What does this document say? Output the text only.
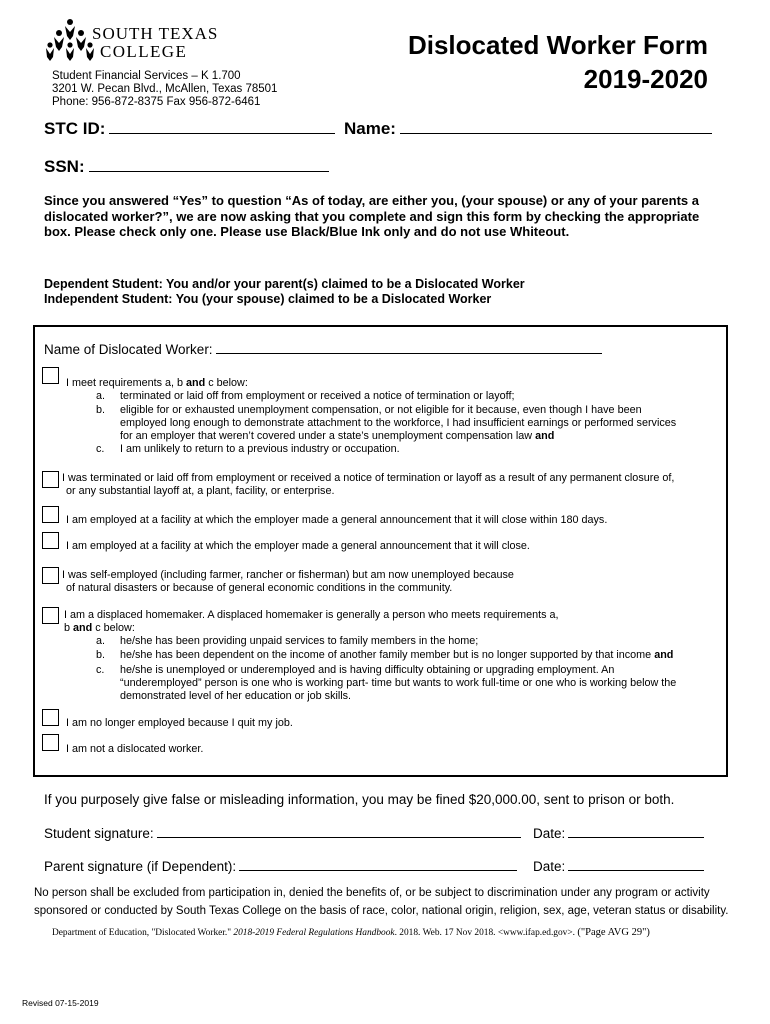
SOUTH TEXAS
COLLEGE	Dislocated Worker Form
2019-2020
Student Financial Services – K 1.700
3201 W. Pecan Blvd., McAllen, Texas 78501
Phone: 956-872-8375 Fax 956-872-6461
STC ID:	Name:
SSN:
Since you answered “Yes” to question “As of today, are either you, (your spouse) or any of your parents a dislocated worker?”, we are now asking that you complete and sign this form by checking the appropriate box. Please check only one. Please use Black/Blue Ink only and do not use Whiteout.
Dependent Student: You and/or your parent(s) claimed to be a Dislocated Worker
Independent Student: You (your spouse) claimed to be a Dislocated Worker
Name of Dislocated Worker:
I meet requirements a, b and c below:
a. terminated or laid off from employment or received a notice of termination or layoff;
b. eligible for or exhausted unemployment compensation, or not eligible for it because, even though I have been
employed long enough to demonstrate attachment to the workforce, I had insufficient earnings or performed services
for an employer that weren’t covered under a state’s unemployment compensation law and
c. I am unlikely to return to a previous industry or occupation.
I was terminated or laid off from employment or received a notice of termination or layoff as a result of any permanent closure of,
or any substantial layoff at, a plant, facility, or enterprise.
I am employed at a facility at which the employer made a general announcement that it will close within 180 days.
I am employed at a facility at which the employer made a general announcement that it will close.
I was self-employed (including farmer, rancher or fisherman) but am now unemployed because
of natural disasters or because of general economic conditions in the community.
I am a displaced homemaker. A displaced homemaker is generally a person who meets requirements a,
b and c below:
a. he/she has been providing unpaid services to family members in the home;
b. he/she has been dependent on the income of another family member but is no longer supported by that income and
c. he/she is unemployed or underemployed and is having difficulty obtaining or upgrading employment. An
“underemployed” person is one who is working part- time but wants to work full-time or one who is working below the
demonstrated level of her education or job skills.
I am no longer employed because I quit my job.
I am not a dislocated worker.
If you purposely give false or misleading information, you may be fined $20,000.00, sent to prison or both.
Student signature:	Date:
Parent signature (if Dependent):	Date:
No person shall be excluded from participation in, denied the benefits of, or be subject to discrimination under any program or activity sponsored or conducted by South Texas College on the basis of race, color, national origin, religion, sex, age, veteran status or disability.
Department of Education, "Dislocated Worker." 2018-2019 Federal Regulations Handbook. 2018. Web. 17 Nov 2018. <www.ifap.ed.gov>. ("Page AVG 29")
Revised 07-15-2019
